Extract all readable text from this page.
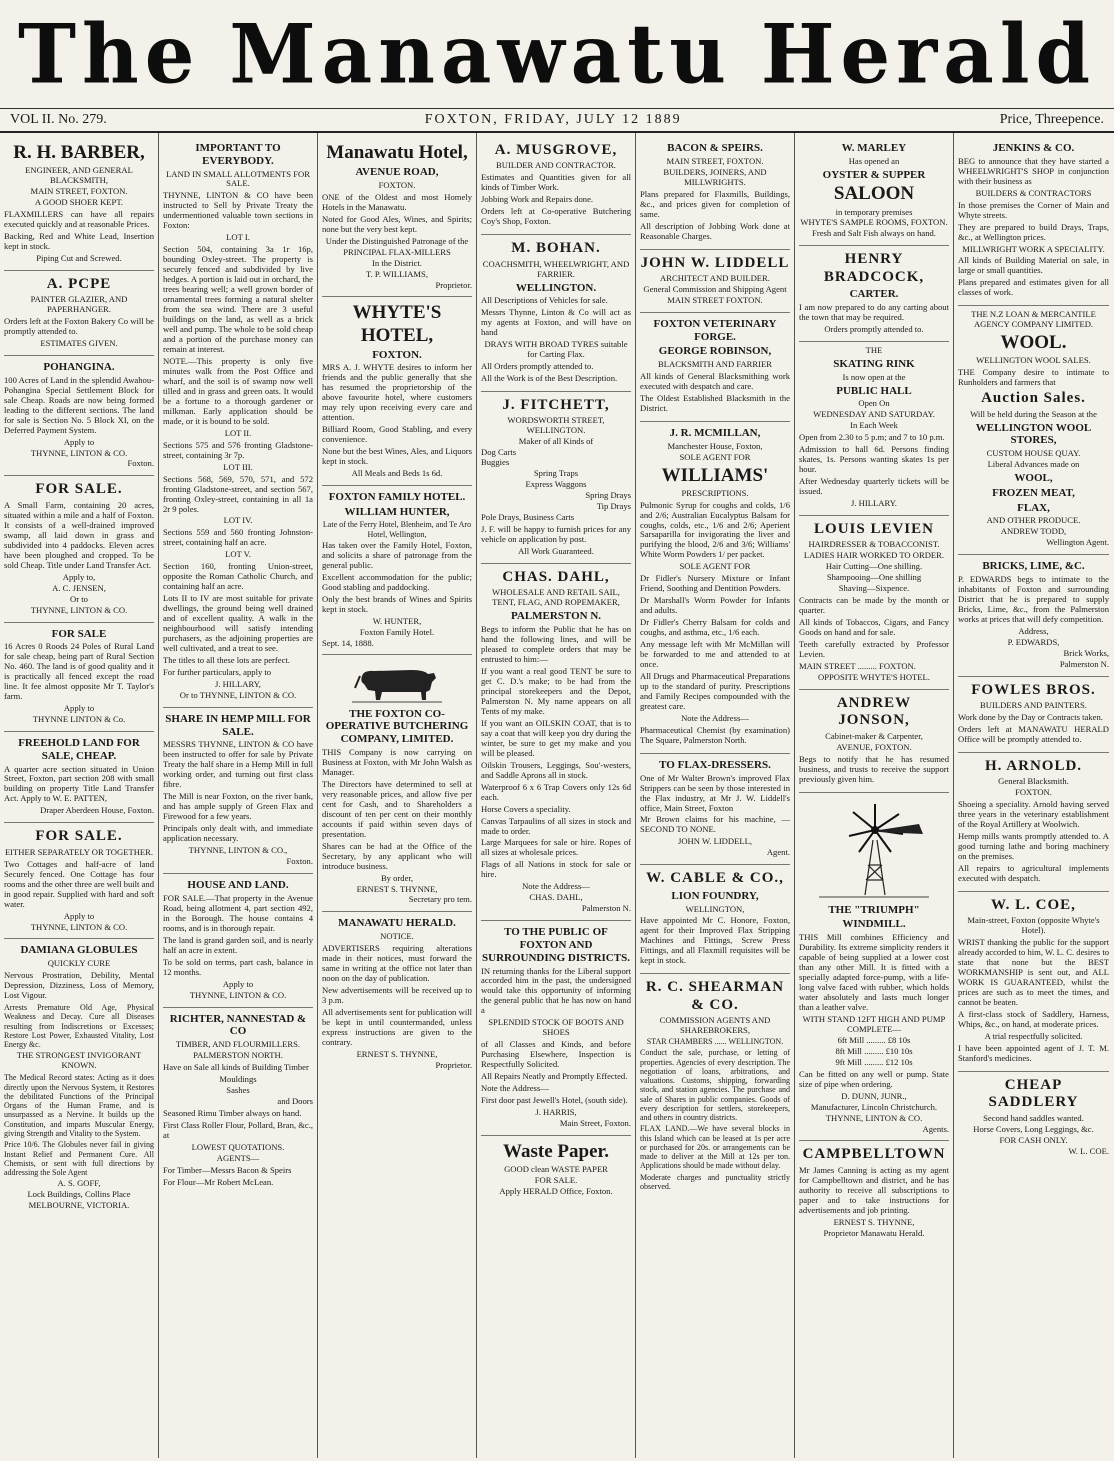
The Manawatu Herald
VOL II. No. 279.	FOXTON, FRIDAY, JULY 12 1889	Price, Threepence.
R. H. BARBER,
ENGINEER, AND GENERAL BLACKSMITH,
MAIN STREET, FOXTON.
A GOOD SHOER KEPT.

FLAXMILLERS can have all repairs executed quickly and at reasonable Prices.

Backing, Red and White Lead, Insertion kept in stock.

Piping Cut and Screwed.
A. PCPE
PAINTER GLAZIER, AND PAPERHANGER.

Orders left at the Foxton Bakery Co will be promptly attended to.

ESTIMATES GIVEN.
POHANGINA.

100 Acres of Land in the splendid Awahou-Pohangina Special Settlement Block for sale Cheap. Roads are now being formed leading to the different sections. The land for sale is Section No. 5 Block XI, on the Deferred Payment System.

Apply to
THYNNE, LINTON & CO.
Foxton.
FOR SALE.

A Small Farm, containing 20 acres, situated within a mile and a half of Foxton. It consists of a well-drained improved swamp, all laid down in grass and subdivided into 4 paddocks. Eleven acres have been ploughed and cropped. To be sold Cheap. Title under Land Transfer Act.

Apply to,
A. C. JENSEN,
Or to
THYNNE, LINTON & CO.
FOR SALE

16 Acres 0 Roods 24 Poles of Rural Land for sale cheap, being part of Rural Section No. 460. The land is of good quality and it is practically all fenced except the road line. It fee almost opposite Mr T. Taylor's farm.

Apply to
THYNNE LINTON & Co.
FREEHOLD LAND FOR SALE, CHEAP.

A quarter acre section situated in Union Street, Foxton, part section 208 with small building on property Title Land Transfer Act. Apply to W. E. PATTEN,

Draper Aberdeen House, Foxton.
FOR SALE.
EITHER SEPARATELY OR TOGETHER.

Two Cottages and half-acre of land Securely fenced. One Cottage has four rooms and the other three are well built and in good repair. Supplied with hard and soft water.

Apply to
THYNNE, LINTON & CO.
DAMIANA GLOBULES
QUICKLY CURE

Nervous Prostration, Debility, Mental Depression, Dizziness, Loss of Memory, Lost Vigour.

Arrests Premature Old Age, Physical Weakness and Decay. Cure all Diseases resulting from Indiscretions or Excesses; Restore Lost Power, Exhausted Vitality, Lost Energy &c.

THE STRONGEST INVIGORANT KNOWN.

The Medical Record states: Acting as it does directly upon the Nervous System, it Restores the debilitated Functions of the Principal Organs of the Human Frame, and is unsurpassed as a Nervine. It builds up the Constitution, and imparts Muscular Energy, giving Strength and Vitality to the System.

Price 10/6. The Globules never fail in giving Instant Relief and Permanent Cure. All Chemists, or sent with full directions by addressing the Sole Agent

A. S. GOFF,
Lock Buildings, Collins Place
MELBOURNE, VICTORIA.
IMPORTANT TO EVERYBODY.
LAND IN SMALL ALLOTMENTS FOR SALE.

THYNNE, LINTON & CO have been instructed to Sell by Private Treaty the undermentioned valuable town sections in Foxton:

LOT I.

Section 504, containing 3a 1r 16p, bounding Oxley-street. The property is securely fenced and subdivided by live hedges. A portion is laid out in orchard, the trees bearing well; a well grown border of ornamental trees forming a natural shelter from the sea wind. There are 3 useful buildings on the land, as well as a brick well and pump. The whole to be sold cheap and a portion of the purchase money can remain at interest.

NOTE.—This property is only five minutes walk from the Post Office and wharf, and the soil is of swamp now well tilled and in grass and green oats. It would be a fortune to a thorough gardener or milkman. Early application should be made, or it is bound to be sold.

LOT II.

Sections 575 and 576 fronting Gladstone-street, containing 3r 7p.

LOT III.

Sections 568, 569, 570, 571, and 572 fronting Gladstone-street, and section 567, fronting Oxley-street, containing in all 1a 2r 9 poles.

LOT IV.

Sections 559 and 560 fronting Johnston-street, containing half an acre.

LOT V.

Section 160, fronting Union-street, opposite the Roman Catholic Church, and containing half an acre.

Lots II to IV are most suitable for private dwellings, the ground being well drained and of excellent quality. A walk in the neighbourhood will satisfy intending purchasers, as the adjoining properties are well cultivated, and a treat to see.

The titles to all these lots are perfect.

For further particulars, apply to

J. HILLARY,
Or to THYNNE, LINTON & CO.
SHARE IN HEMP MILL FOR SALE.

MESSRS THYNNE, LINTON & CO have been instructed to offer for sale by Private Treaty the half share in a Hemp Mill in full working order, and turning out first class fibre.

The Mill is near Foxton, on the river bank, and has ample supply of Green Flax and Firewood for a few years.

Principals only dealt with, and immediate application necessary.

THYNNE, LINTON & CO.,
Foxton.
HOUSE AND LAND.

FOR SALE.—That property in the Avenue Road, being allotment 4, part section 492, in the Borough. The house contains 4 rooms, and is in thorough repair.

The land is grand garden soil, and is nearly half an acre in extent.

To be sold on terms, part cash, balance in 12 months.

Apply to
THYNNE, LINTON & CO.
RICHTER, NANNESTAD & CO
TIMBER, AND FLOURMILLERS.
PALMERSTON NORTH.

Have on Sale all kinds of Building Timber

Mouldings
Sashes
and Doors

Seasoned Rimu Timber always on hand.

First Class Roller Flour, Pollard, Bran, &c., at

LOWEST QUOTATIONS.
AGENTS—

For Timber—Messrs Bacon & Speirs

For Flour—Mr Robert McLean.

Manawatu Hotel,
AVENUE ROAD,
FOXTON.

ONE of the Oldest and most Homely Hotels in the Manawatu.

Noted for Good Ales, Wines, and Spirits; none but the very best kept.

Under the Distinguished Patronage of the
PRINCIPAL FLAX-MILLERS
In the District.
T. P. WILLIAMS,
Proprietor.
WHYTE'S HOTEL,
FOXTON.

MRS A. J. WHYTE desires to inform her friends and the public generally that she has resumed the proprietorship of the above favourite hotel, where customers may rely upon receiving every care and attention.

Billiard Room, Good Stabling, and every convenience.

None but the best Wines, Ales, and Liquors kept in stock.

All Meals and Beds 1s 6d.
FOXTON FAMILY HOTEL.
WILLIAM HUNTER,
Late of the Ferry Hotel, Blenheim, and Te Aro Hotel, Wellington,

Has taken over the Family Hotel, Foxton, and solicits a share of patronage from the general public.

Excellent accommodation for the public; Good stabling and paddocking.

Only the best brands of Wines and Spirits kept in stock.

W. HUNTER,
Foxton Family Hotel.
Sept. 14, 1888.
THE FOXTON CO-OPERATIVE BUTCHERING COMPANY, LIMITED.

THIS Company is now carrying on Business at Foxton, with Mr John Walsh as Manager.

The Directors have determined to sell at very reasonable prices, and allow five per cent for Cash, and to Shareholders a discount of ten per cent on their monthly accounts if paid within seven days of presentation.

Shares can be had at the Office of the Secretary, by any applicant who will introduce business.

By order,
ERNEST S. THYNNE,
Secretary pro tem.
MANAWATU HERALD.
NOTICE.

ADVERTISERS requiring alterations made in their notices, must forward the same in writing at the office not later than noon on the day of publication.

New advertisements will be received up to 3 p.m.

All advertisements sent for publication will be kept in until countermanded, unless express instructions are given to the contrary.

ERNEST S. THYNNE,
Proprietor.
A. MUSGROVE,
BUILDER AND CONTRACTOR.

Estimates and Quantities given for all kinds of Timber Work.

Jobbing Work and Repairs done.

Orders left at Co-operative Butchering Coy's Shop, Foxton.

M. BOHAN.
COACHSMITH, WHEELWRIGHT, AND FARRIER.
WELLINGTON.

All Descriptions of Vehicles for sale.

Messrs Thynne, Linton & Co will act as my agents at Foxton, and will have on hand

DRAYS WITH BROAD TYRES suitable for Carting Flax.

All Orders promptly attended to.

All the Work is of the Best Description.

J. FITCHETT,
WORDSWORTH STREET, WELLINGTON.
Maker of all Kinds of
Dog Carts
Buggies
Spring Traps
Express Waggons
Spring Drays
Tip Drays
Pole Drays, Business Carts

J. F. will be happy to furnish prices for any vehicle on application by post.

All Work Guaranteed.
CHAS. DAHL,
WHOLESALE AND RETAIL SAIL, TENT, FLAG, AND ROPEMAKER,
PALMERSTON N.

Begs to inform the Public that he has on hand the following lines, and will be pleased to complete orders that may be entrusted to him:—

If you want a real good TENT be sure to get C. D.'s make; to be had from the principal storekeepers and the Depot, Palmerston N. My name appears on all Tents of my make.

If you want an OILSKIN COAT, that is to say a coat that will keep you dry during the winter, be sure to get my make and you will be pleased.

Oilskin Trousers, Leggings, Sou'-westers, and Saddle Aprons all in stock.

Waterproof 6 x 6 Trap Covers only 12s 6d each.

Horse Covers a speciality.

Canvas Tarpaulins of all sizes in stock and made to order.

Large Marquees for sale or hire. Ropes of all sizes at wholesale prices.

Flags of all Nations in stock for sale or hire.

Note the Address—
CHAS. DAHL,
Palmerston N.
TO THE PUBLIC OF FOXTON AND SURROUNDING DISTRICTS.

IN returning thanks for the Liberal support accorded him in the past, the undersigned would take this opportunity of informing the general public that he has now on hand a

SPLENDID STOCK OF BOOTS AND SHOES

of all Classes and Kinds, and before Purchasing Elsewhere, Inspection is Respectfully Solicited.

All Repairs Neatly and Promptly Effected.

Note the Address—

First door past Jewell's Hotel, (south side).

J. HARRIS,
Main Street, Foxton.
Waste Paper.
GOOD clean WASTE PAPER
FOR SALE.
Apply HERALD Office, Foxton.
BACON & SPEIRS.
MAIN STREET, FOXTON.
BUILDERS, JOINERS, AND MILLWRIGHTS.

Plans prepared for Flaxmills, Buildings, &c., and prices given for completion of same.

All description of Jobbing Work done at Reasonable Charges.

JOHN W. LIDDELL
ARCHITECT AND BUILDER.
General Commission and Shipping Agent
MAIN STREET FOXTON.
FOXTON VETERINARY FORGE.
GEORGE ROBINSON,
BLACKSMITH AND FARRIER

All kinds of General Blacksmithing work executed with despatch and care.

The Oldest Established Blacksmith in the District.

J. R. MCMILLAN,
Manchester House, Foxton,
SOLE AGENT FOR
WILLIAMS'
PRESCRIPTIONS.

Pulmonic Syrup for coughs and colds, 1/6 and 2/6; Australian Eucalyptus Balsam for coughs, colds, etc., 1/6 and 2/6; Aperient Sarsaparilla for invigorating the liver and purifying the blood, 2/6 and 3/6; Williams' White Worm Powders 1/ per packet.

SOLE AGENT FOR

Dr Fidler's Nursery Mixture or Infant Friend, Soothing and Dentition Powders.

Dr Marshall's Worm Powder for Infants and adults.

Dr Fidler's Cherry Balsam for colds and coughs, and asthma, etc., 1/6 each.

Any message left with Mr McMillan will be forwarded to me and attended to at once.

All Drugs and Pharmaceutical Preparations up to the standard of purity. Prescriptions and Family Recipes compounded with the greatest care.

Note the Address—

Pharmaceutical Chemist (by examination) The Square, Palmerston North.

TO FLAX-DRESSERS.

One of Mr Walter Brown's improved Flax Strippers can be seen by those interested in the Flax industry, at Mr J. W. Liddell's office, Main Street, Foxton

Mr Brown claims for his machine, —SECOND TO NONE.

JOHN W. LIDDELL,
Agent.
W. CABLE & CO.,
LION FOUNDRY,
WELLINGTON,

Have appointed Mr C. Honore, Foxton, agent for their Improved Flax Stripping Machines and Fittings, Screw Press Fittings, and all Flaxmill requisites will be kept in stock.

R. C. SHEARMAN & CO.
COMMISSION AGENTS AND SHAREBROKERS,
STAR CHAMBERS ...... WELLINGTON.

Conduct the sale, purchase, or letting of properties. Agencies of every description. The negotiation of loans, arbitrations, and valuations. Customs, shipping, forwarding stock, and station agencies. The purchase and sale of Shares in public companies. Goods of every description for settlers, storekeepers, and others in country districts.

FLAX LAND.—We have several blocks in this Island which can be leased at 1s per acre or purchased for 20s. or arrangements can be made to deliver at the Mill at 12s per ton. Applications should be made without delay.

Moderate charges and punctuality strictly observed.

W. MARLEY
Has opened an
OYSTER & SUPPER
SALOON
in temporary premises
WHYTE'S SAMPLE ROOMS, FOXTON.
Fresh and Salt Fish always on hand.
HENRY BRADCOCK,
CARTER.

I am now prepared to do any carting about the town that may be required.

Orders promptly attended to.
THE
SKATING RINK
Is now open at the
PUBLIC HALL
Open On
WEDNESDAY AND SATURDAY.
In Each Week

Open from 2.30 to 5 p.m; and 7 to 10 p.m.

Admission to hall 6d. Persons finding skates, 1s. Persons wanting skates 1s per hour.

After Wednesday quarterly tickets will be issued.

J. HILLARY.
LOUIS LEVIEN
HAIRDRESSER & TOBACCONIST.
LADIES HAIR WORKED TO ORDER.
Hair Cutting—One shilling.
Shampooing—One shilling
Shaving—Sixpence.

Contracts can be made by the month or quarter.

All kinds of Tobaccos, Cigars, and Fancy Goods on hand and for sale.

Teeth carefully extracted by Professor Levien.

MAIN STREET ......... FOXTON.
OPPOSITE WHYTE'S HOTEL.
ANDREW JONSON,
Cabinet-maker & Carpenter,
AVENUE, FOXTON.

Begs to notify that he has resumed business, and trusts to receive the support previously given him.

THE "TRIUMPH"
WINDMILL.

THIS Mill combines Efficiency and Durability. Its extreme simplicity renders it capable of being supplied at a lower cost than any other Mill. It is fitted with a specially adapted force-pump, with a life-long valve faced with rubber, which holds water absolutely and lasts much longer than a leather valve.

WITH STAND 12FT HIGH AND PUMP COMPLETE—
6ft Mill ......... £8 10s
8ft Mill ......... £10 10s
9ft Mill ......... £12 10s

Can be fitted on any well or pump. State size of pipe when ordering.

D. DUNN, JUNR.,
Manufacturer, Lincoln Christchurch.
THYNNE, LINTON & CO.
Agents.
CAMPBELLTOWN

Mr James Canning is acting as my agent for Campbelltown and district, and he has authority to receive all subscriptions to paper and to take instructions for advertisements and job printing.

ERNEST S. THYNNE,
Proprietor Manawatu Herald.
JENKINS & CO.

BEG to announce that they have started a WHEELWRIGHT'S SHOP in conjunction with their business as

BUILDERS & CONTRACTORS

In those premises the Corner of Main and Whyte streets.

They are prepared to build Drays, Traps, &c., at Wellington prices.

MILLWRIGHT WORK A SPECIALITY.

All kinds of Building Material on sale, in large or small quantities.

Plans prepared and estimates given for all classes of work.

THE N.Z LOAN & MERCANTILE AGENCY COMPANY LIMITED.
WOOL.
WELLINGTON WOOL SALES.

THE Company desire to intimate to Runholders and farmers that

Auction Sales.
Will be held during the Season at the
WELLINGTON WOOL STORES,
CUSTOM HOUSE QUAY.
Liberal Advances made on
WOOL,
FROZEN MEAT,
FLAX,
AND OTHER PRODUCE.
ANDREW TODD,
Wellington Agent.
BRICKS, LIME, &C.

P. EDWARDS begs to intimate to the inhabitants of Foxton and surrounding District that he is prepared to supply Bricks, Lime, &c., from the Palmerston works at prices that will defy competition.

Address,
P. EDWARDS,
Brick Works,
Palmerston N.
FOWLES BROS.
BUILDERS AND PAINTERS.

Work done by the Day or Contracts taken.

Orders left at MANAWATU HERALD Office will be promptly attended to.

H. ARNOLD.
General Blacksmith.
FOXTON.

Shoeing a speciality. Arnold having served three years in the veterinary establishment of the Royal Artillery at Woolwich.

Hemp mills wants promptly attended to. A good turning lathe and boring machinery on the premises.

All repairs to agricultural implements executed with despatch.

W. L. COE,
Main-street, Foxton (opposite Whyte's Hotel).

WRIST thanking the public for the support already accorded to him, W. L. C. desires to state that none but the BEST WORKMANSHIP is sent out, and ALL WORK IS GUARANTEED, whilst the prices are such as to meet the times, and cannot be beaten.

A first-class stock of Saddlery, Harness, Whips, &c., on hand, at moderate prices.

A trial respectfully solicited.

I have been appointed agent of J. T. M. Stanford's medicines.

CHEAP SADDLERY
Second hand saddles wanted.
Horse Covers, Long Leggings, &c.
FOR CASH ONLY.
W. L. COE.
